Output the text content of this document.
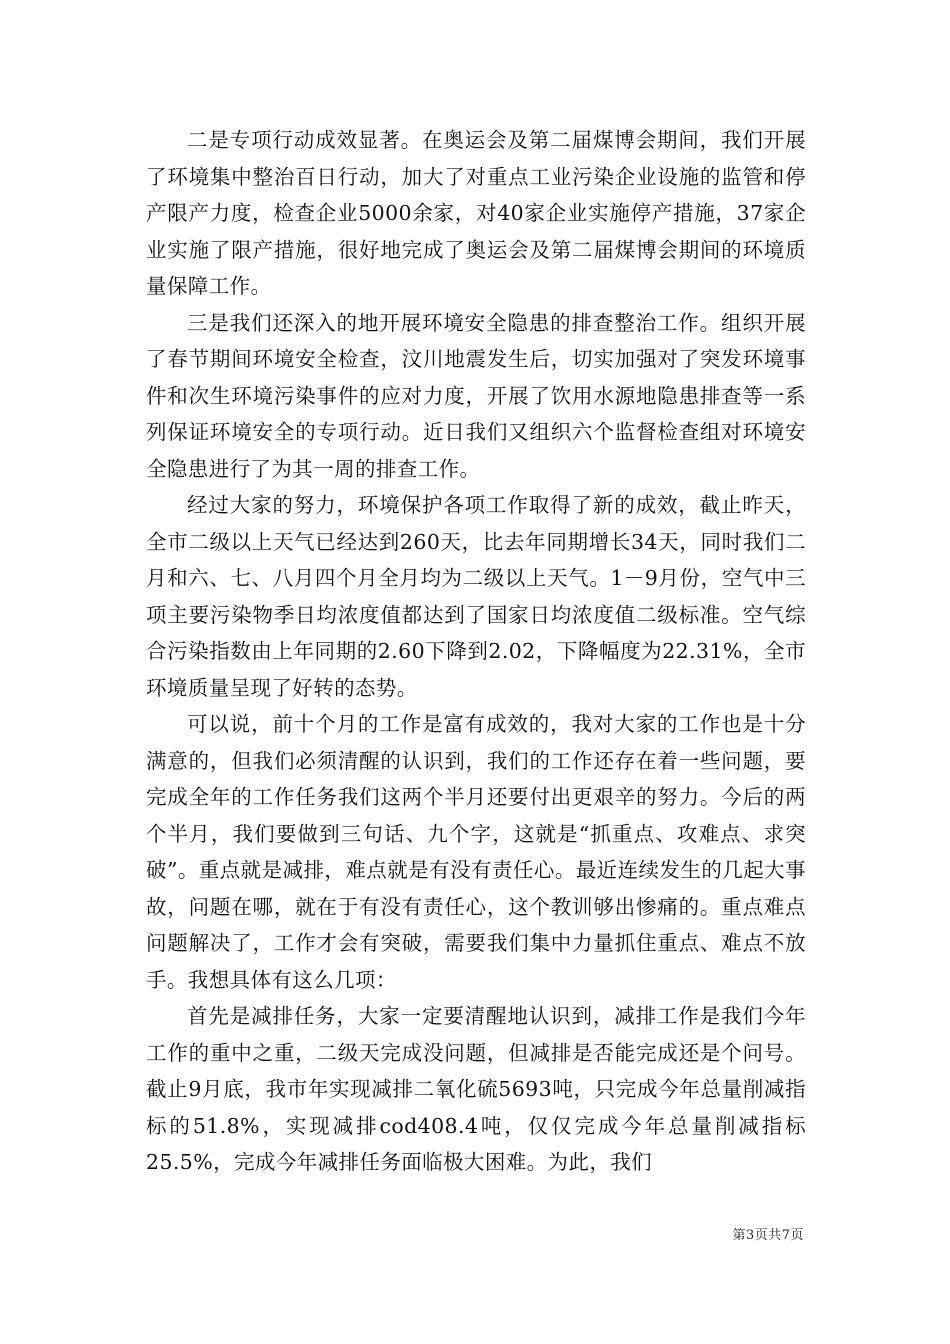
二是专项行动成效显著。在奥运会及第二届煤博会期间，我们开展了环境集中整治百日行动，加大了对重点工业污染企业设施的监管和停产限产力度，检查企业5000余家，对40家企业实施停产措施，37家企业实施了限产措施，很好地完成了奥运会及第二届煤博会期间的环境质量保障工作。

三是我们还深入的地开展环境安全隐患的排查整治工作。组织开展了春节期间环境安全检查，汶川地震发生后，切实加强对了突发环境事件和次生环境污染事件的应对力度，开展了饮用水源地隐患排查等一系列保证环境安全的专项行动。近日我们又组织六个监督检查组对环境安全隐患进行了为其一周的排查工作。

经过大家的努力，环境保护各项工作取得了新的成效，截止昨天，全市二级以上天气已经达到260天，比去年同期增长34天，同时我们二月和六、七、八月四个月全月均为二级以上天气。1－9月份，空气中三项主要污染物季日均浓度值都达到了国家日均浓度值二级标准。空气综合污染指数由上年同期的2.60下降到2.02，下降幅度为22.31%，全市环境质量呈现了好转的态势。

可以说，前十个月的工作是富有成效的，我对大家的工作也是十分满意的，但我们必须清醒的认识到，我们的工作还存在着一些问题，要完成全年的工作任务我们这两个半月还要付出更艰辛的努力。今后的两个半月，我们要做到三句话、九个字，这就是“抓重点、攻难点、求突破”。重点就是减排，难点就是有没有责任心。最近连续发生的几起大事故，问题在哪，就在于有没有责任心，这个教训够出惨痛的。重点难点问题解决了，工作才会有突破，需要我们集中力量抓住重点、难点不放手。我想具体有这么几项：

首先是减排任务，大家一定要清醒地认识到，减排工作是我们今年工作的重中之重，二级天完成没问题，但减排是否能完成还是个问号。截止9月底，我市年实现减排二氧化硫5693吨，只完成今年总量削减指标的51.8%，实现减排cod408.4吨，仅仅完成今年总量削减指标25.5%，完成今年减排任务面临极大困难。为此，我们

第3页共7页
